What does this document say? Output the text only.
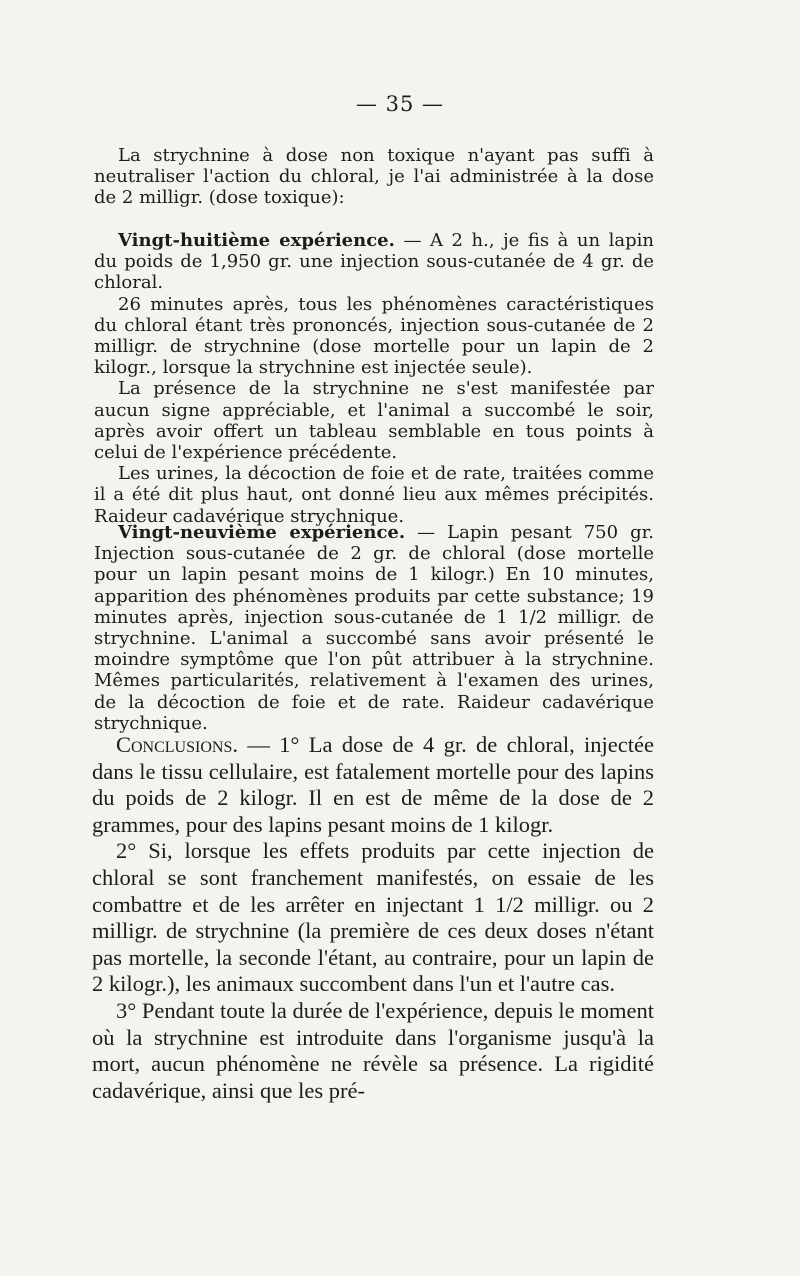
— 35 —

La strychnine à dose non toxique n'ayant pas suffi à neutraliser l'action du chloral, je l'ai administrée à la dose de 2 milligr. (dose toxique):

Vingt-huitième expérience. — A 2 h., je fis à un lapin du poids de 1,950 gr. une injection sous-cutanée de 4 gr. de chloral.

26 minutes après, tous les phénomènes caractéristiques du chloral étant très prononcés, injection sous-cutanée de 2 milligr. de strychnine (dose mortelle pour un lapin de 2 kilogr., lorsque la strychnine est injectée seule).

La présence de la strychnine ne s'est manifestée par aucun signe appréciable, et l'animal a succombé le soir, après avoir offert un tableau semblable en tous points à celui de l'expérience précédente.

Les urines, la décoction de foie et de rate, traitées comme il a été dit plus haut, ont donné lieu aux mêmes précipités. Raideur cadavérique strychnique.

Vingt-neuvième expérience. — Lapin pesant 750 gr. Injection sous-cutanée de 2 gr. de chloral (dose mortelle pour un lapin pesant moins de 1 kilogr.) En 10 minutes, apparition des phénomènes produits par cette substance; 19 minutes après, injection sous-cutanée de 1 1/2 milligr. de strychnine. L'animal a succombé sans avoir présenté le moindre symptôme que l'on pût attribuer à la strychnine. Mêmes particularités, relativement à l'examen des urines, de la décoction de foie et de rate. Raideur cadavérique strychnique.

Conclusions. — 1° La dose de 4 gr. de chloral, injectée dans le tissu cellulaire, est fatalement mortelle pour des lapins du poids de 2 kilogr. Il en est de même de la dose de 2 grammes, pour des lapins pesant moins de 1 kilogr.

2° Si, lorsque les effets produits par cette injection de chloral se sont franchement manifestés, on essaie de les combattre et de les arrêter en injectant 1 1/2 milligr. ou 2 milligr. de strychnine (la première de ces deux doses n'étant pas mortelle, la seconde l'étant, au contraire, pour un lapin de 2 kilogr.), les animaux succombent dans l'un et l'autre cas.

3° Pendant toute la durée de l'expérience, depuis le moment où la strychnine est introduite dans l'organisme jusqu'à la mort, aucun phénomène ne révèle sa présence. La rigidité cadavérique, ainsi que les pré-
